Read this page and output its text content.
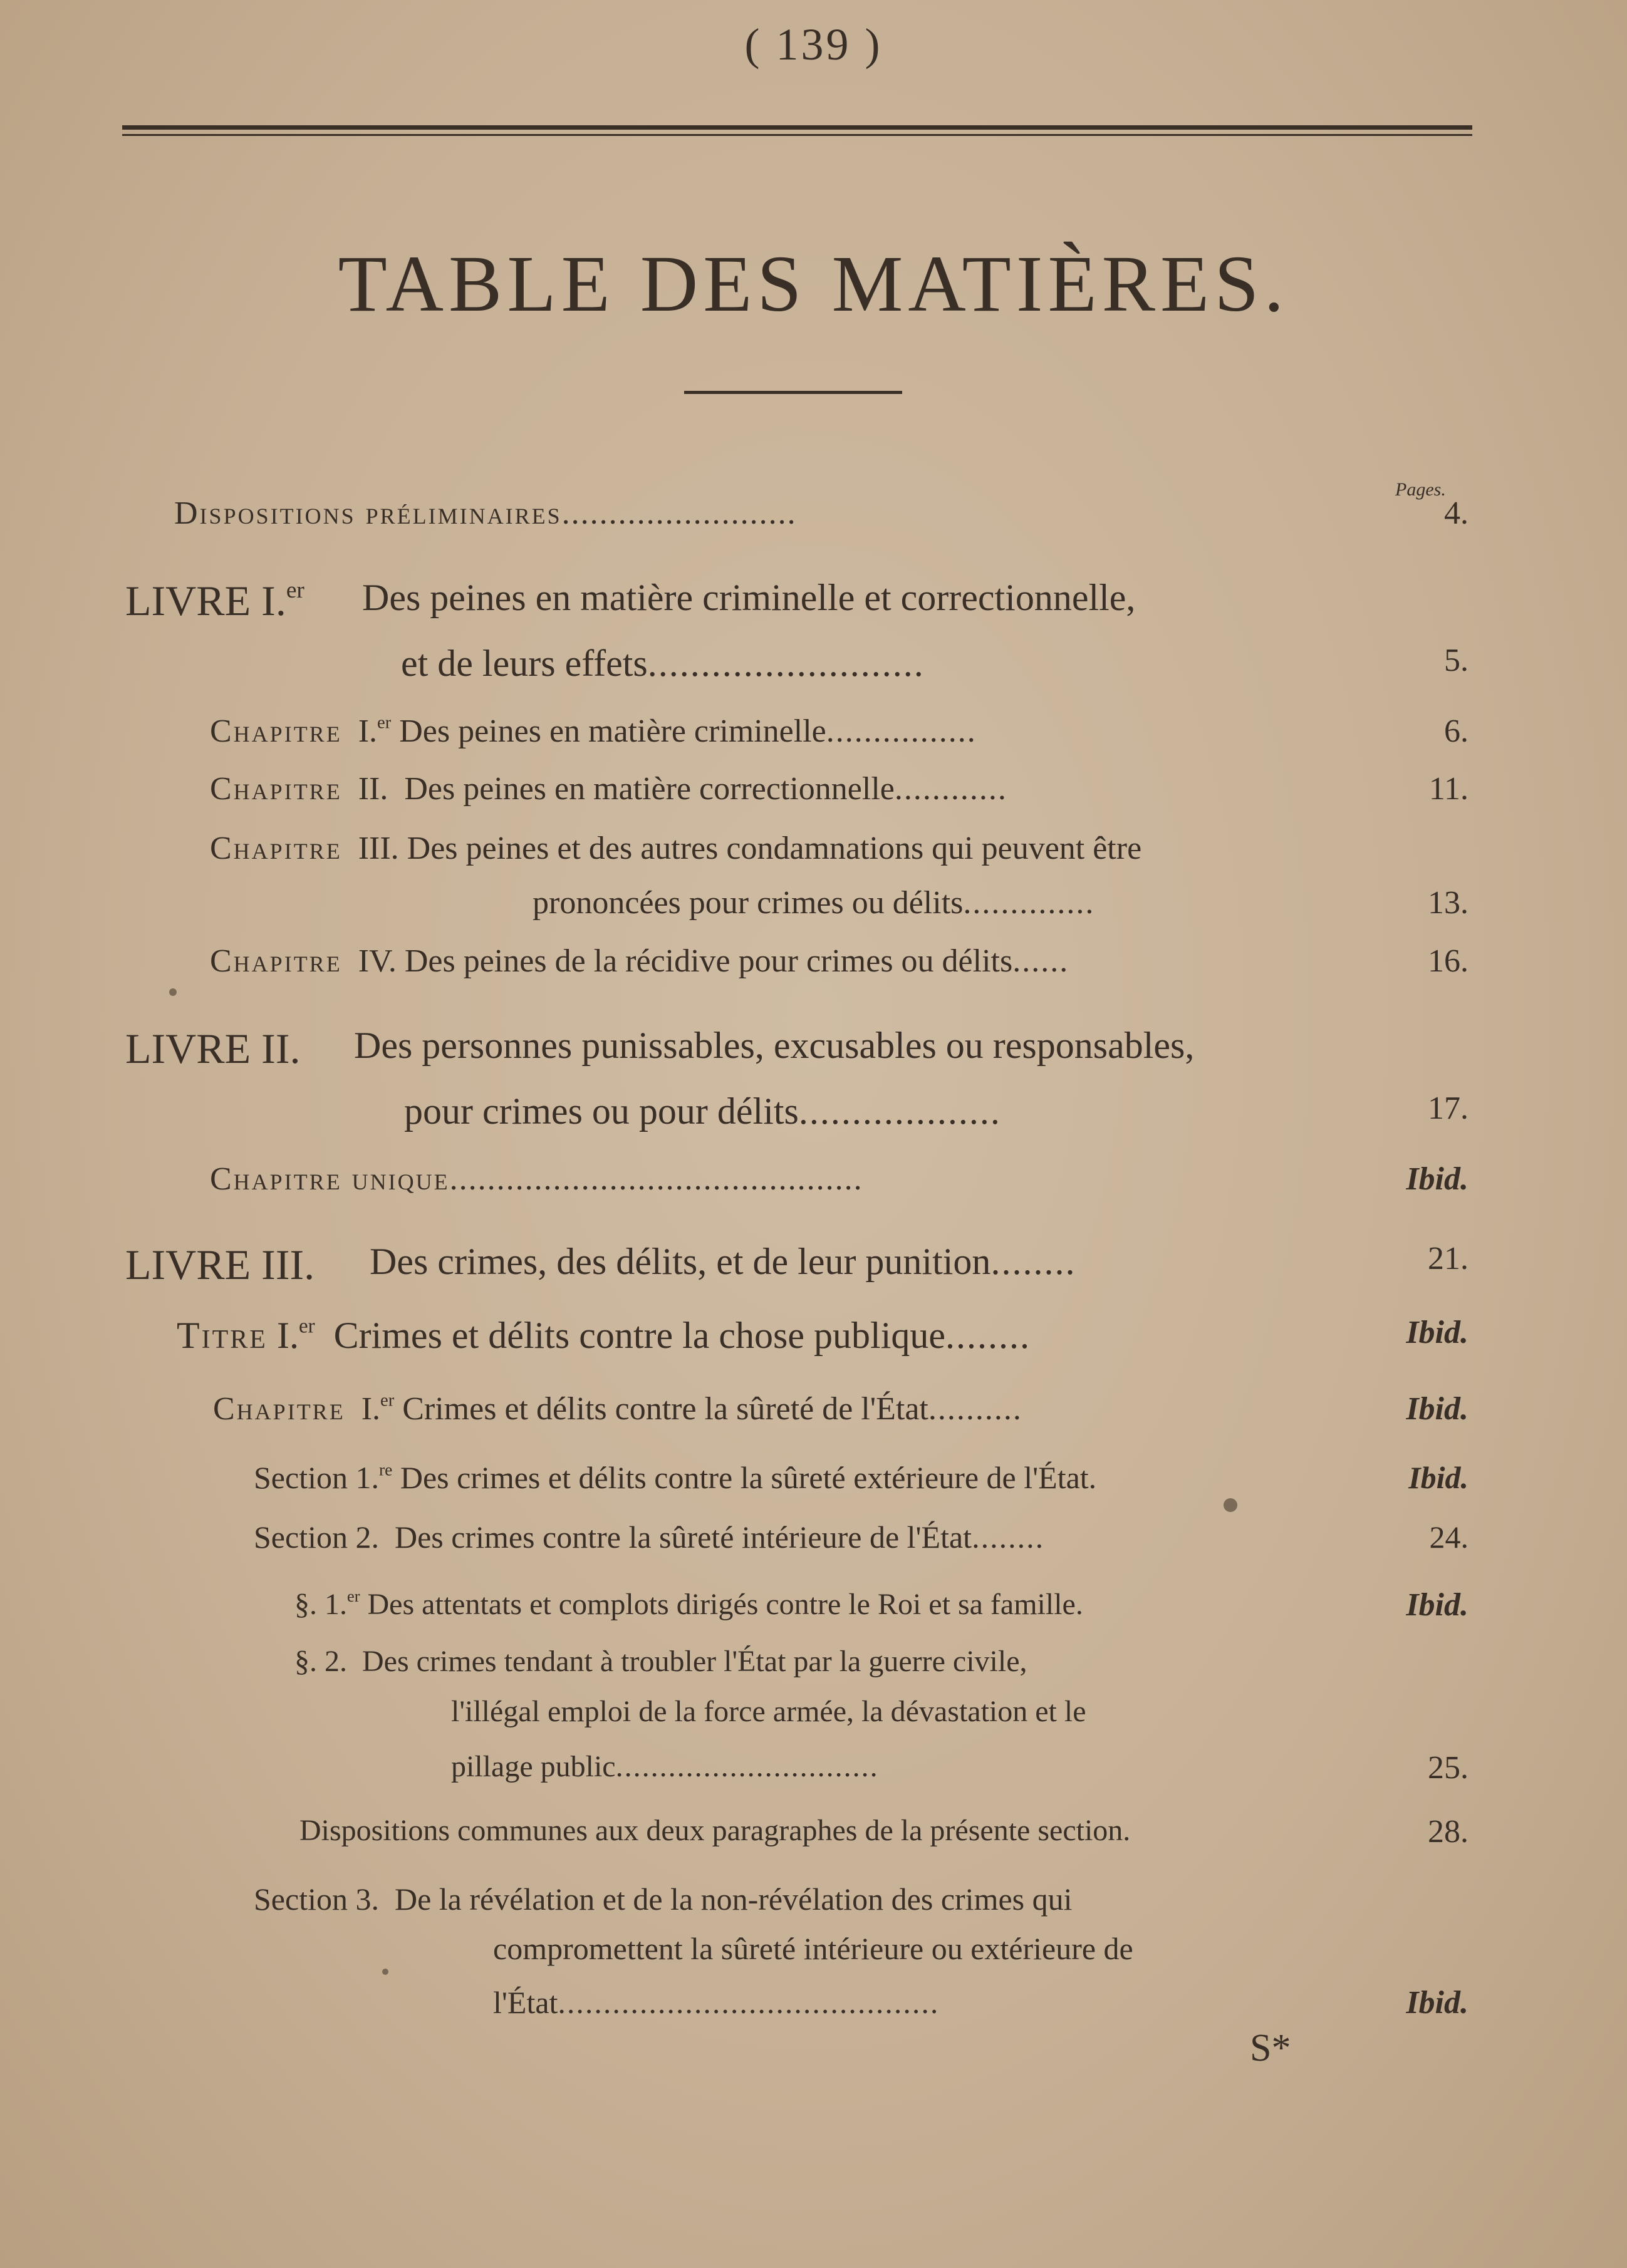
( 139 )
TABLE DES MATIÈRES.
Pages.
Dispositions préliminaires.........................	4.
LIVRE I.$^{er}$ Des peines en matière criminelle et correctionnelle,
et de leurs effets..........................	5.
Chapitre I.$^{er}$ Des peines en matière criminelle................	6.
Chapitre II. Des peines en matière correctionnelle............	11.
Chapitre III. Des peines et des autres condamnations qui peuvent être
prononcées pour crimes ou délits..............	13.
Chapitre IV. Des peines de la récidive pour crimes ou délits......	16.
LIVRE II. Des personnes punissables, excusables ou responsables,
pour crimes ou pour délits...................	17.
Chapitre unique............................................	Ibid.
LIVRE III. Des crimes, des délits, et de leur punition........	21.
Titre I.$^{er}$ Crimes et délits contre la chose publique........	Ibid.
Chapitre I.$^{er}$ Crimes et délits contre la sûreté de l'État..........	Ibid.
Section 1.$^{re}$ Des crimes et délits contre la sûreté extérieure de l'État.	Ibid.
Section 2. Des crimes contre la sûreté intérieure de l'État........	24.
§. 1.$^{er}$ Des attentats et complots dirigés contre le Roi et sa famille.	Ibid.
§. 2. Des crimes tendant à troubler l'État par la guerre civile,
l'illégal emploi de la force armée, la dévastation et le
pillage public..............................	25.
Dispositions communes aux deux paragraphes de la présente section.	28.
Section 3. De la révélation et de la non-révélation des crimes qui
compromettent la sûreté intérieure ou extérieure de
l'État..........................................	Ibid.
S*
